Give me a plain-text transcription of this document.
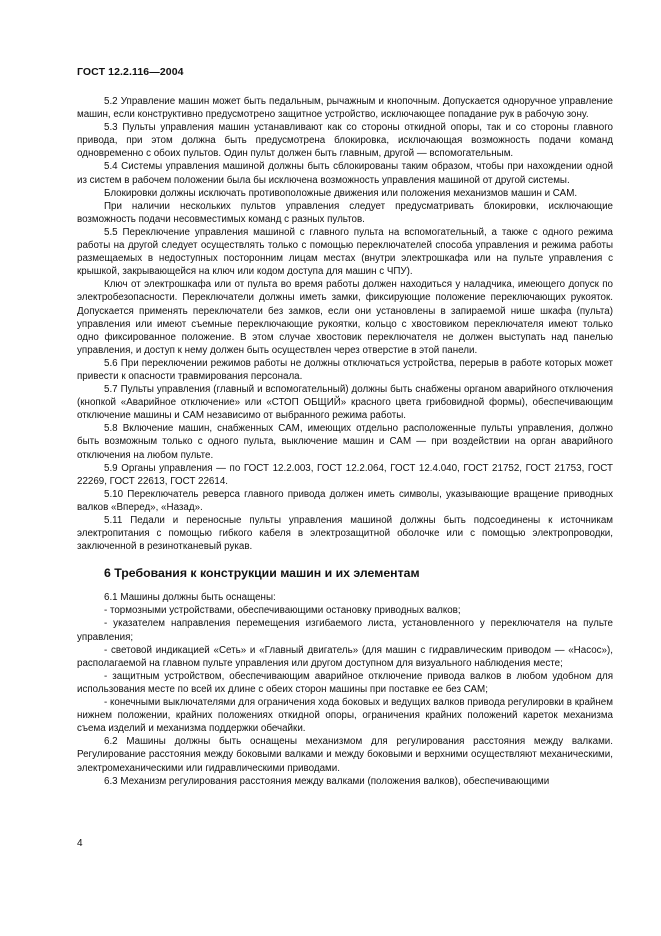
ГОСТ 12.2.116—2004

5.2 Управление машин может быть педальным, рычажным и кнопочным. Допускается одноручное управление машин, если конструктивно предусмотрено защитное устройство, исключающее попадание рук в рабочую зону.

5.3 Пульты управления машин устанавливают как со стороны откидной опоры, так и со стороны главного привода, при этом должна быть предусмотрена блокировка, исключающая возможность подачи команд одновременно с обоих пультов. Один пульт должен быть главным, другой — вспомогательным.

5.4 Системы управления машиной должны быть сблокированы таким образом, чтобы при нахождении одной из систем в рабочем положении была бы исключена возможность управления машиной от другой системы.

Блокировки должны исключать противоположные движения или положения механизмов машин и САМ.

При наличии нескольких пультов управления следует предусматривать блокировки, исключающие возможность подачи несовместимых команд с разных пультов.

5.5 Переключение управления машиной с главного пульта на вспомогательный, а также с одного режима работы на другой следует осуществлять только с помощью переключателей способа управления и режима работы размещаемых в недоступных посторонним лицам местах (внутри электрошкафа или на пульте управления с крышкой, закрывающейся на ключ или кодом доступа для машин с ЧПУ).

Ключ от электрошкафа или от пульта во время работы должен находиться у наладчика, имеющего допуск по электробезопасности. Переключатели должны иметь замки, фиксирующие положение переключающих рукояток. Допускается применять переключатели без замков, если они установлены в запираемой нише шкафа (пульта) управления или имеют съемные переключающие рукоятки, кольцо с хвостовиком переключателя имеют только одно фиксированное положение. В этом случае хвостовик переключателя не должен выступать над панелью управления, и доступ к нему должен быть осуществлен через отверстие в этой панели.

5.6 При переключении режимов работы не должны отключаться устройства, перерыв в работе которых может привести к опасности травмирования персонала.

5.7 Пульты управления (главный и вспомогательный) должны быть снабжены органом аварийного отключения (кнопкой «Аварийное отключение» или «СТОП ОБЩИЙ» красного цвета грибовидной формы), обеспечивающим отключение машины и САМ независимо от выбранного режима работы.

5.8 Включение машин, снабженных САМ, имеющих отдельно расположенные пульты управления, должно быть возможным только с одного пульта, выключение машин и САМ — при воздействии на орган аварийного отключения на любом пульте.

5.9 Органы управления — по ГОСТ 12.2.003, ГОСТ 12.2.064, ГОСТ 12.4.040, ГОСТ 21752, ГОСТ 21753, ГОСТ 22269, ГОСТ 22613, ГОСТ 22614.

5.10 Переключатель реверса главного привода должен иметь символы, указывающие вращение приводных валков «Вперед», «Назад».

5.11 Педали и переносные пульты управления машиной должны быть подсоединены к источникам электропитания с помощью гибкого кабеля в электрозащитной оболочке или с помощью электропроводки, заключенной в резинотканевый рукав.

6 Требования к конструкции машин и их элементам

6.1 Машины должны быть оснащены:

- тормозными устройствами, обеспечивающими остановку приводных валков;

- указателем направления перемещения изгибаемого листа, установленного у переключателя на пульте управления;

- световой индикацией «Сеть» и «Главный двигатель» (для машин с гидравлическим приводом — «Насос»), располагаемой на главном пульте управления или другом доступном для визуального наблюдения месте;

- защитным устройством, обеспечивающим аварийное отключение привода валков в любом удобном для использования месте по всей их длине с обеих сторон машины при поставке ее без САМ;

- конечными выключателями для ограничения хода боковых и ведущих валков привода регулировки в крайнем нижнем положении, крайних положениях откидной опоры, ограничения крайних положений кареток механизма съема изделий и механизма поддержки обечайки.

6.2 Машины должны быть оснащены механизмом для регулирования расстояния между валками. Регулирование расстояния между боковыми валками и между боковыми и верхними осуществляют механическими, электромеханическими или гидравлическими приводами.

6.3 Механизм регулирования расстояния между валками (положения валков), обеспечивающими

4
